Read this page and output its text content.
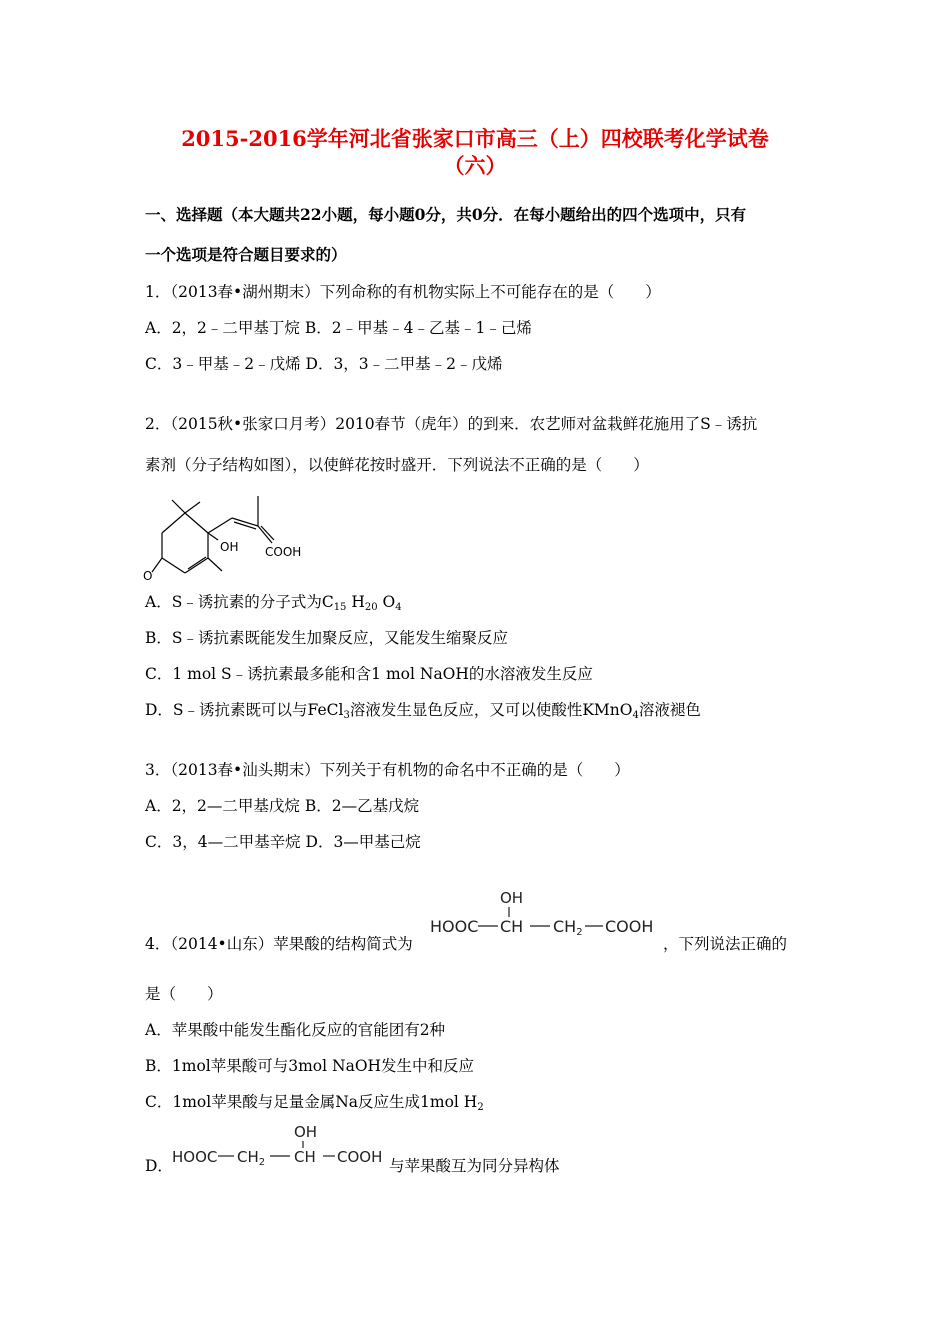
2015-2016学年河北省张家口市高三（上）四校联考化学试卷
（六）
一、选择题（本大题共22小题，每小题0分，共0分．在每小题给出的四个选项中，只有
一个选项是符合题目要求的）
1．（2013春•湖州期末）下列命称的有机物实际上不可能存在的是（　　）
A．2，2﹣二甲基丁烷 B．2﹣甲基﹣4﹣乙基﹣1﹣己烯
C．3﹣甲基﹣2﹣戊烯 D．3，3﹣二甲基﹣2﹣戊烯
2．（2015秋•张家口月考）2010春节（虎年）的到来．农艺师对盆栽鲜花施用了S﹣诱抗
素剂（分子结构如图），以使鲜花按时盛开．下列说法不正确的是（　　）
OH COOH
O
A．S﹣诱抗素的分子式为$C_{15}$ $H_{20}$ $O_4$
B．S﹣诱抗素既能发生加聚反应，又能发生缩聚反应
C．1 mol S﹣诱抗素最多能和含1 mol NaOH的水溶液发生反应
D．S﹣诱抗素既可以与FeCl$_3$溶液发生显色反应，又可以使酸性KMnO$_4$溶液褪色
3．（2013春•汕头期末）下列关于有机物的命名中不正确的是（　　）
A．2，2—二甲基戊烷 B．2—乙基戊烷
C．3，4—二甲基辛烷 D．3—甲基己烷
4．（2014•山东）苹果酸的结构简式为
OH
HOOC CH CH2 COOH
，下列说法正确的
是（　　）
A．苹果酸中能发生酯化反应的官能团有2种
B．1mol苹果酸可与3mol NaOH发生中和反应
C．1mol苹果酸与足量金属Na反应生成1mol $H_2$
D．
OH
HOOC $CH_2$ CH COOH 与苹果酸互为同分异构体
